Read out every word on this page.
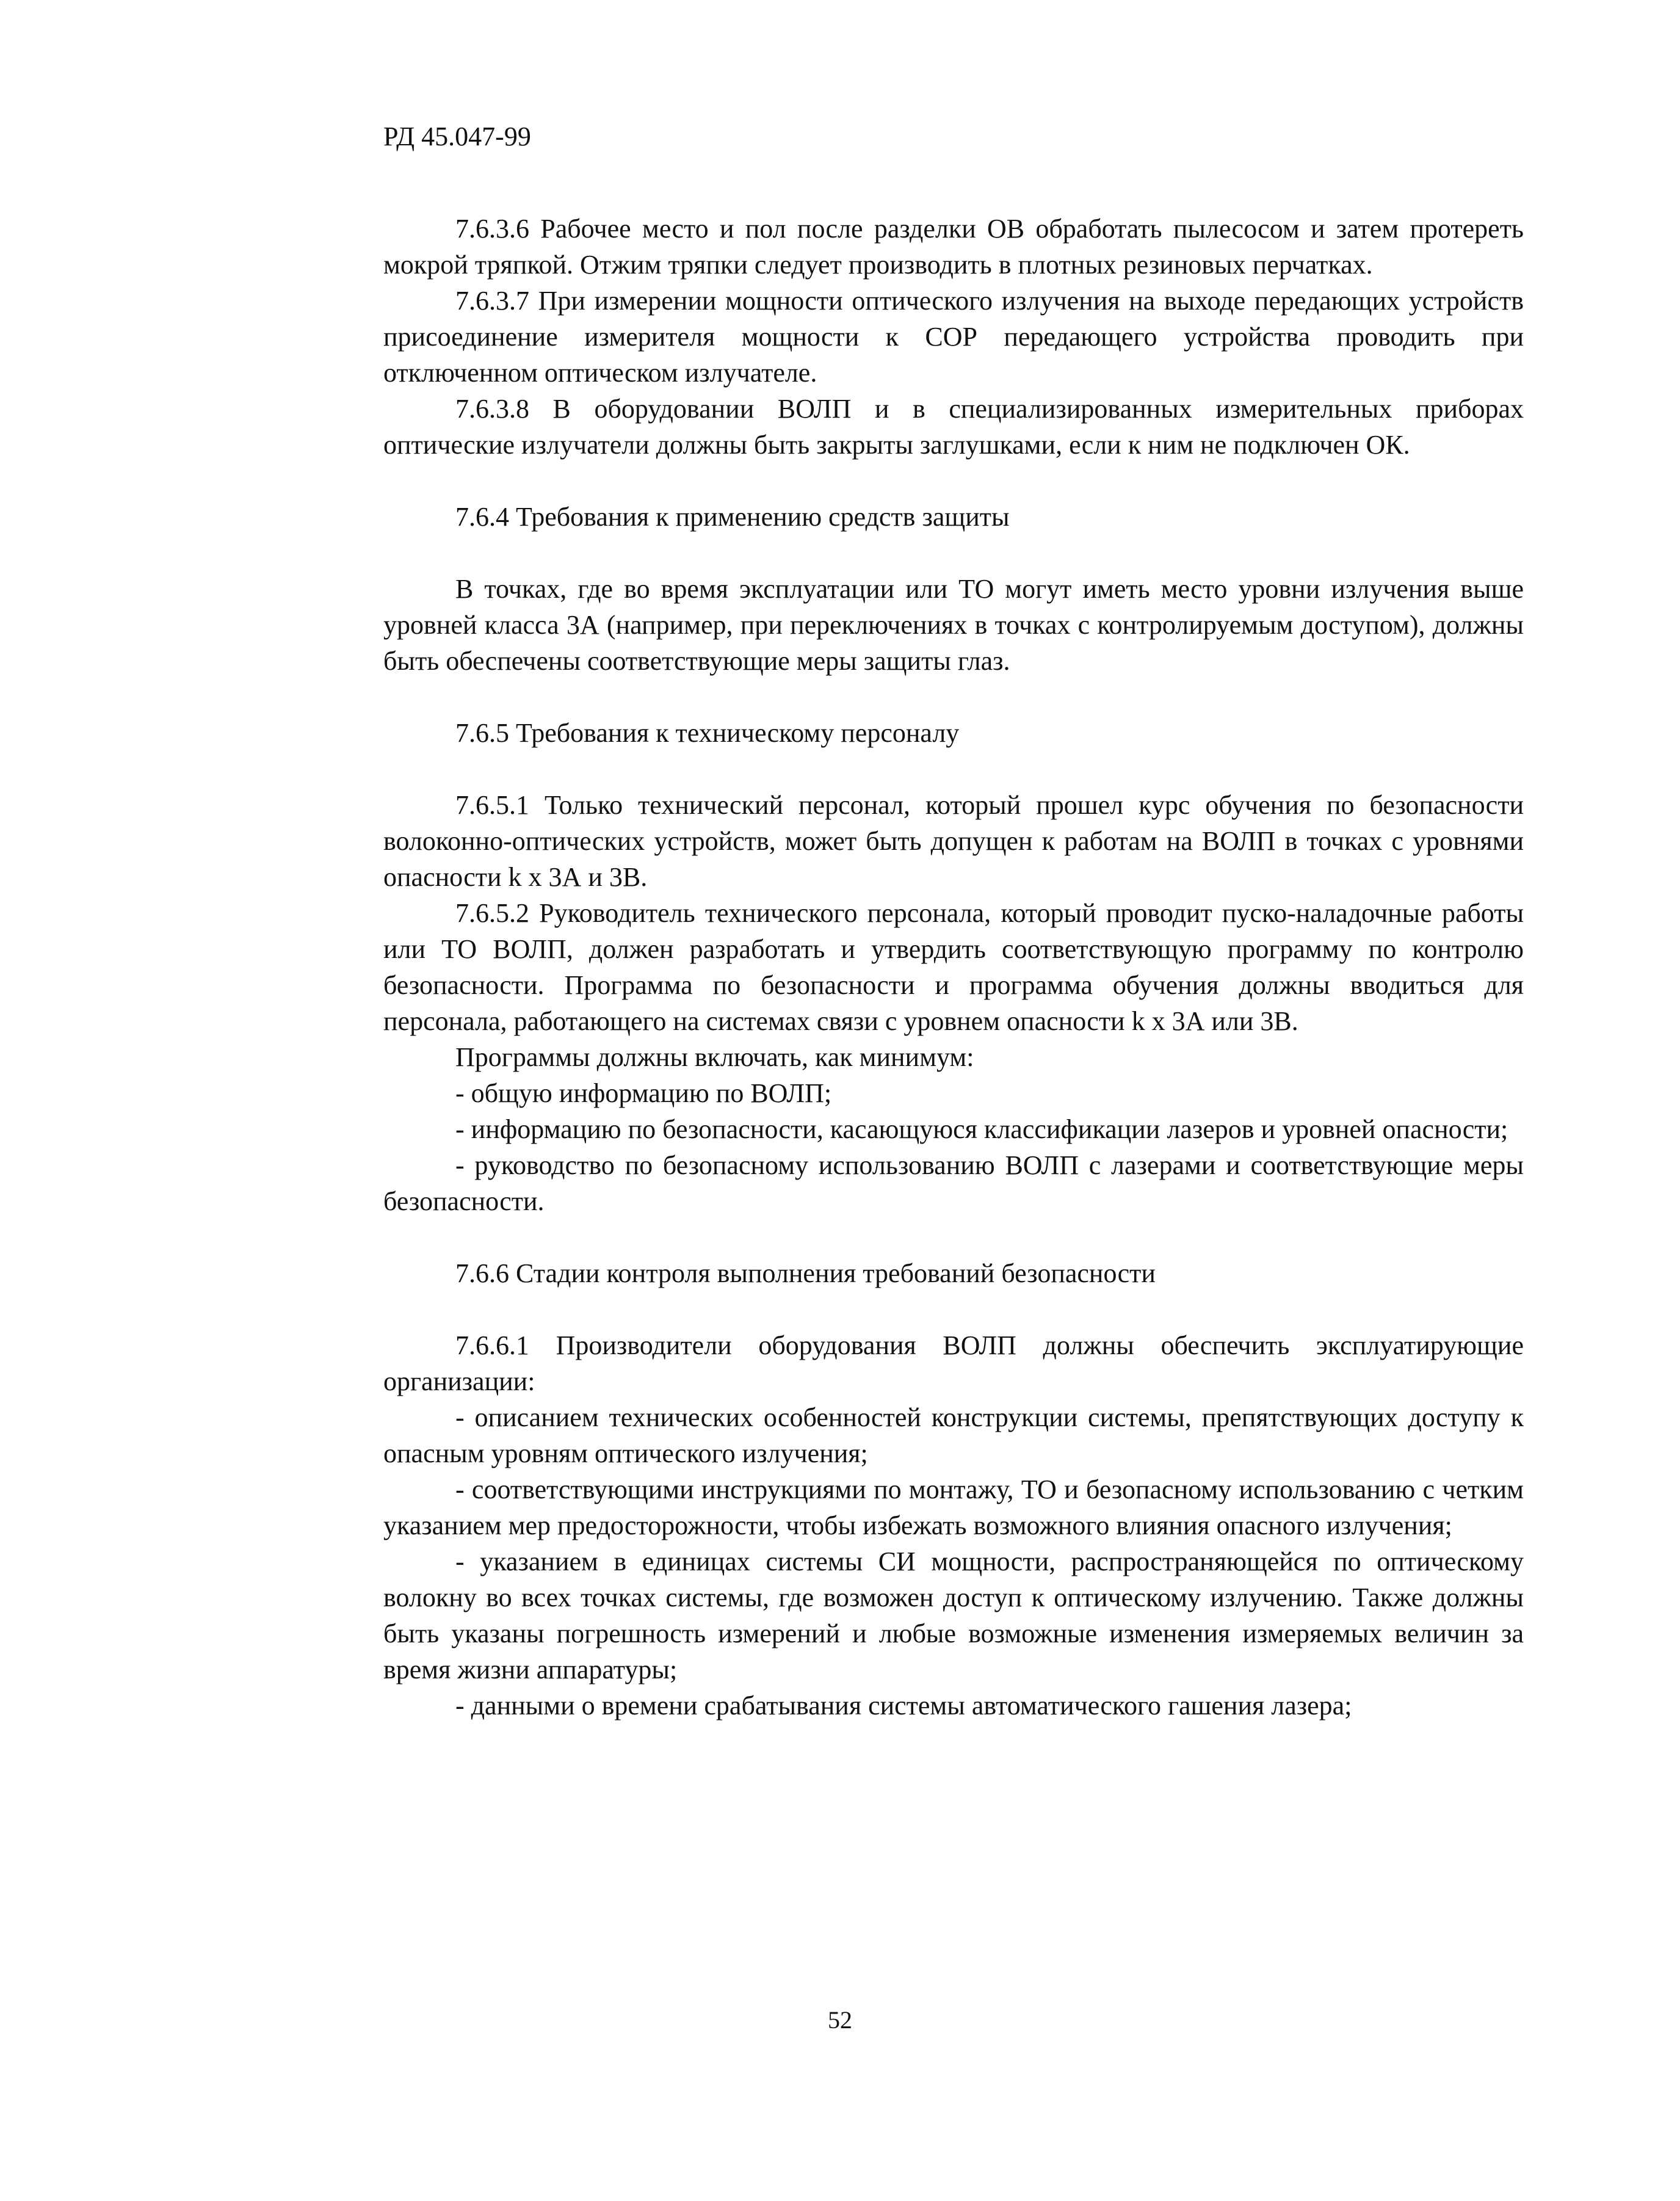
РД 45.047-99

7.6.3.6 Рабочее место и пол после разделки ОВ обработать пылесосом и затем протереть мокрой тряпкой. Отжим тряпки следует производить в плотных резиновых перчатках.

7.6.3.7 При измерении мощности оптического излучения на выходе передающих устройств присоединение измерителя мощности к СОР передающего устройства проводить при отключенном оптическом излучателе.

7.6.3.8 В оборудовании ВОЛП и в специализированных измерительных приборах оптические излучатели должны быть закрыты заглушками, если к ним не подключен ОК.

7.6.4 Требования к применению средств защиты

В точках, где во время эксплуатации или ТО могут иметь место уровни излучения выше уровней класса 3А (например, при переключениях в точках с контролируемым доступом), должны быть обеспечены соответствующие меры защиты глаз.

7.6.5 Требования к техническому персоналу

7.6.5.1 Только технический персонал, который прошел курс обучения по безопасности волоконно-оптических устройств, может быть допущен к работам на ВОЛП в точках с уровнями опасности k x 3А и 3В.

7.6.5.2 Руководитель технического персонала, который проводит пуско-наладочные работы или ТО ВОЛП, должен разработать и утвердить соответствующую программу по контролю безопасности. Программа по безопасности и программа обучения должны вводиться для персонала, работающего на системах связи с уровнем опасности k x 3А или 3В.

Программы должны включать, как минимум:

- общую информацию по ВОЛП;

- информацию по безопасности, касающуюся классификации лазеров и уровней опасности;

- руководство по безопасному использованию ВОЛП с лазерами и соответствующие меры безопасности.

7.6.6 Стадии контроля выполнения требований безопасности

7.6.6.1 Производители оборудования ВОЛП должны обеспечить эксплуатирующие организации:

- описанием технических особенностей конструкции системы, препятствующих доступу к опасным уровням оптического излучения;

- соответствующими инструкциями по монтажу, ТО и безопасному использованию с четким указанием мер предосторожности, чтобы избежать возможного влияния опасного излучения;

- указанием в единицах системы СИ мощности, распространяющейся по оптическому волокну во всех точках системы, где возможен доступ к оптическому излучению. Также должны быть указаны погрешность измерений и любые возможные изменения измеряемых величин за время жизни аппаратуры;

- данными о времени срабатывания системы автоматического гашения лазера;

52
